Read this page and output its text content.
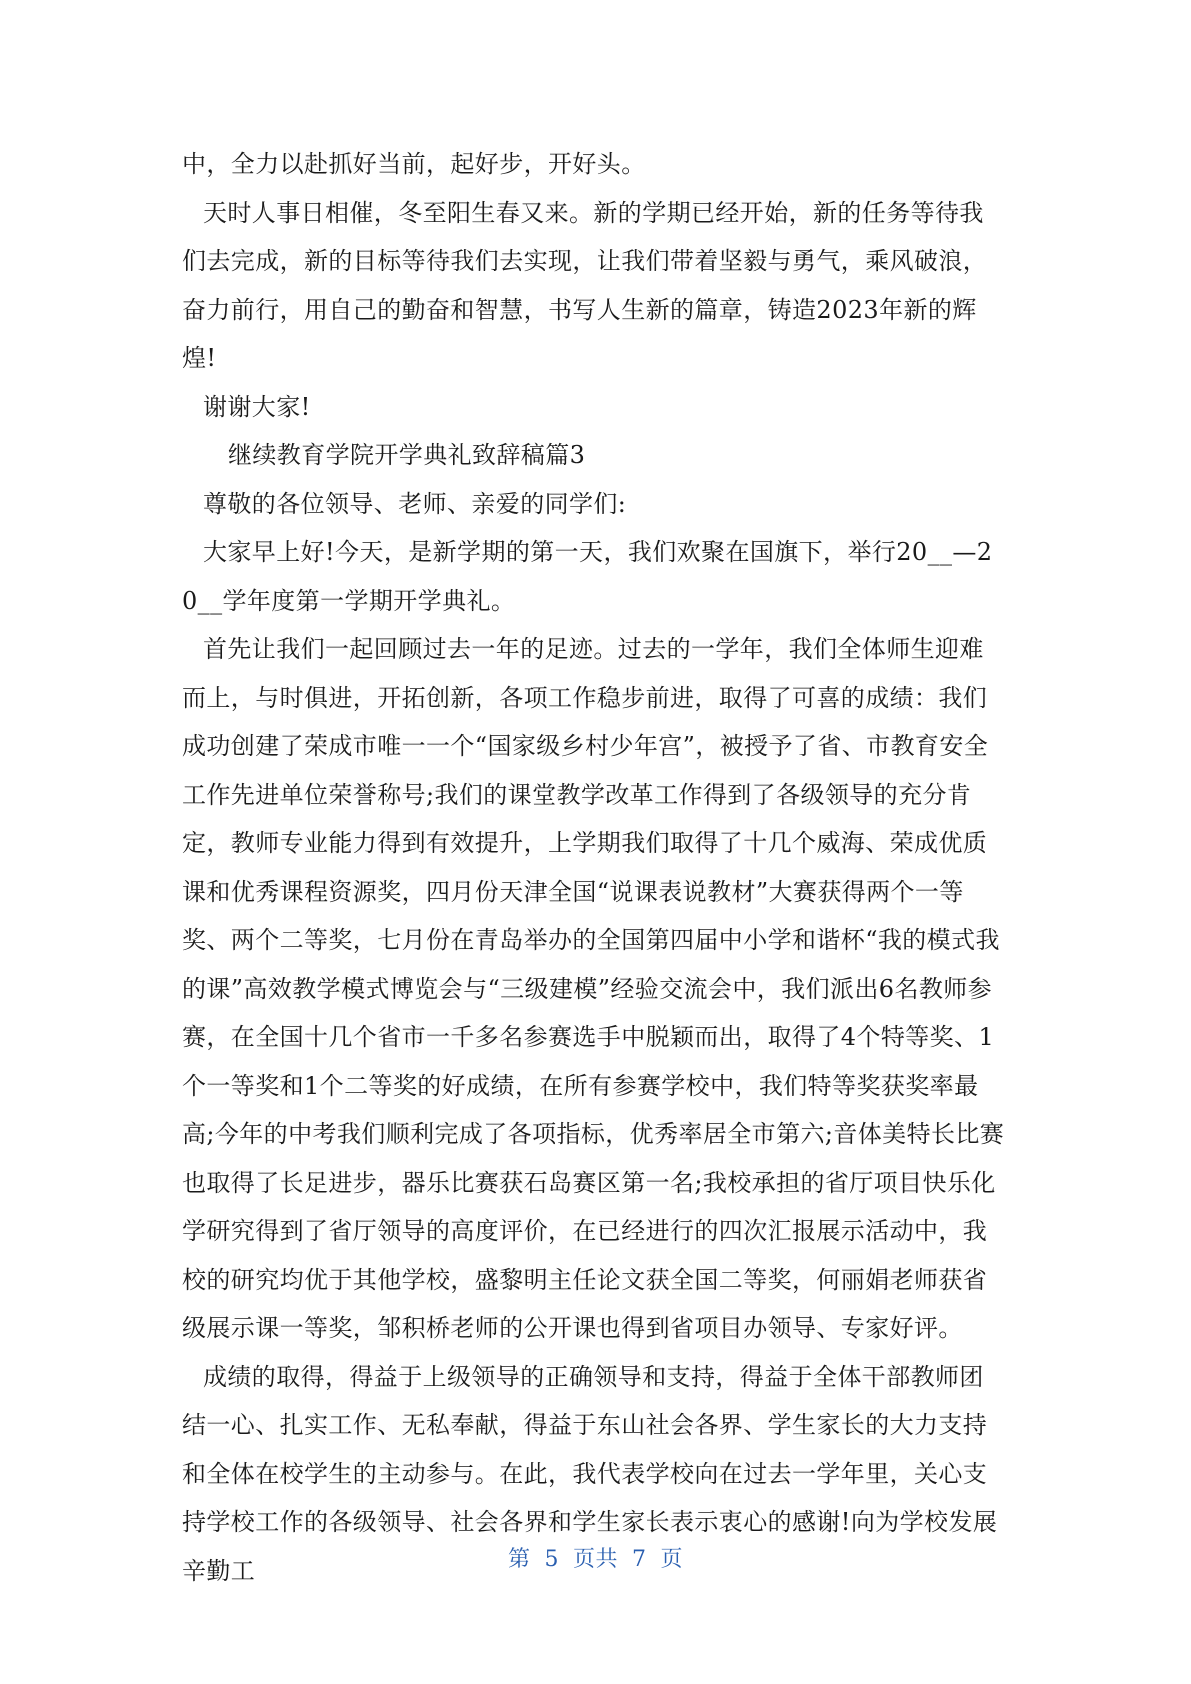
中，全力以赴抓好当前，起好步，开好头。

天时人事日相催，冬至阳生春又来。新的学期已经开始，新的任务等待我们去完成，新的目标等待我们去实现，让我们带着坚毅与勇气，乘风破浪，奋力前行，用自己的勤奋和智慧，书写人生新的篇章，铸造2023年新的辉煌!

谢谢大家!

继续教育学院开学典礼致辞稿篇3

尊敬的各位领导、老师、亲爱的同学们:

大家早上好!今天，是新学期的第一天，我们欢聚在国旗下，举行20__—20__学年度第一学期开学典礼。

首先让我们一起回顾过去一年的足迹。过去的一学年，我们全体师生迎难而上，与时俱进，开拓创新，各项工作稳步前进，取得了可喜的成绩：我们成功创建了荣成市唯一一个“国家级乡村少年宫”，被授予了省、市教育安全工作先进单位荣誉称号;我们的课堂教学改革工作得到了各级领导的充分肯定，教师专业能力得到有效提升，上学期我们取得了十几个威海、荣成优质课和优秀课程资源奖，四月份天津全国“说课表说教材”大赛获得两个一等奖、两个二等奖，七月份在青岛举办的全国第四届中小学和谐杯“我的模式我的课”高效教学模式博览会与“三级建模”经验交流会中，我们派出6名教师参赛，在全国十几个省市一千多名参赛选手中脱颖而出，取得了4个特等奖、1个一等奖和1个二等奖的好成绩，在所有参赛学校中，我们特等奖获奖率最高;今年的中考我们顺利完成了各项指标，优秀率居全市第六;音体美特长比赛也取得了长足进步，器乐比赛获石岛赛区第一名;我校承担的省厅项目快乐化学研究得到了省厅领导的高度评价，在已经进行的四次汇报展示活动中，我校的研究均优于其他学校，盛黎明主任论文获全国二等奖，何丽娟老师获省级展示课一等奖，邹积桥老师的公开课也得到省项目办领导、专家好评。

成绩的取得，得益于上级领导的正确领导和支持，得益于全体干部教师团结一心、扎实工作、无私奉献，得益于东山社会各界、学生家长的大力支持和全体在校学生的主动参与。在此，我代表学校向在过去一学年里，关心支持学校工作的各级领导、社会各界和学生家长表示衷心的感谢!向为学校发展辛勤工	第 5 页共 7 页
